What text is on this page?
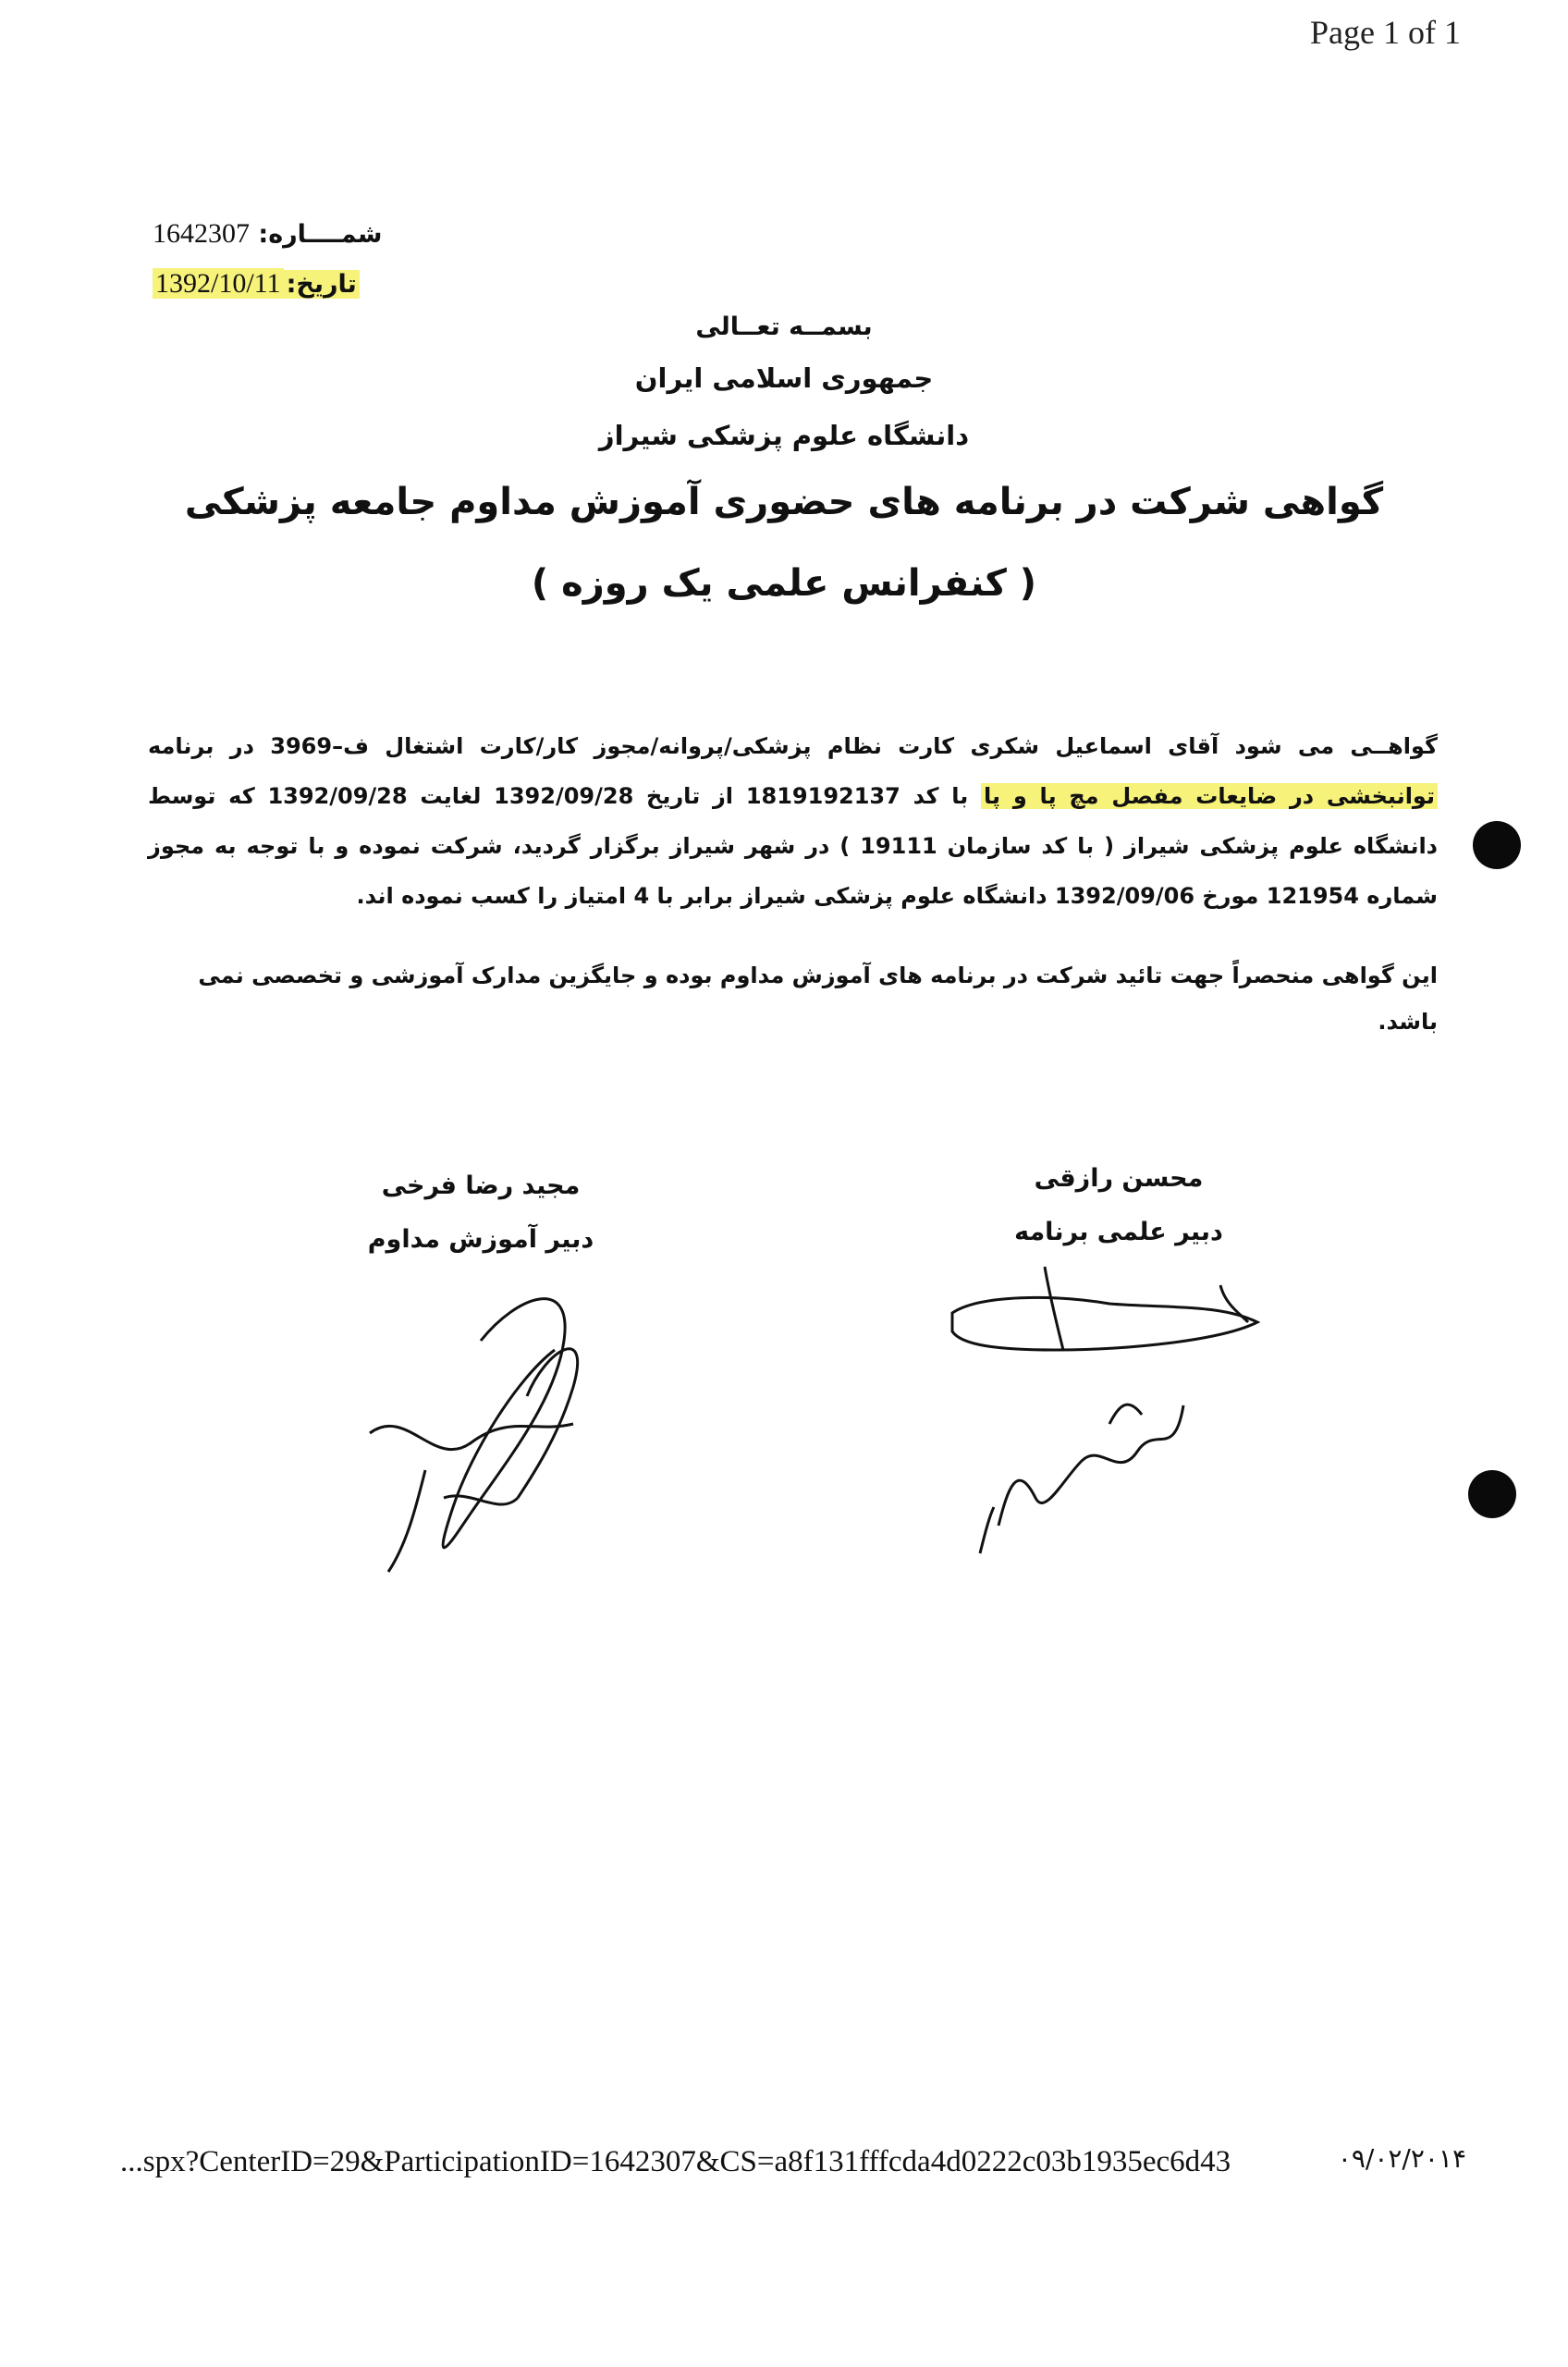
Page 1 of 1
شمــــاره: 1642307
تاریخ:1392/10/11
بسمــه تعــالی
جمهوری اسلامی ایران
دانشگاه علوم پزشکی شیراز
گواهی شرکت در برنامه های حضوری آموزش مداوم جامعه پزشکی
( کنفرانس علمی یک روزه )
گواهــی می شود آقای اسماعیل شکری کارت نظام پزشکی/پروانه/مجوز کار/کارت اشتغال ف–3969 در برنامه توانبخشی در ضایعات مفصل مچ پا و پا با کد 1819192137 از تاریخ 1392/09/28 لغایت 1392/09/28 که توسط دانشگاه علوم پزشکی شیراز ( با کد سازمان 19111 ) در شهر شیراز برگزار گردید، شرکت نموده و با توجه به مجوز شماره 121954 مورخ 1392/09/06 دانشگاه علوم پزشکی شیراز برابر با 4 امتیاز را کسب نموده اند.
این گواهی منحصراً جهت تائید شرکت در برنامه های آموزش مداوم بوده و جایگزین مدارک آموزشی و تخصصی نمی باشد.
مجید رضا فرخی
دبیر آموزش مداوم
محسن رازقی
دبیر علمی برنامه
...spx?CenterID=29&ParticipationID=1642307&CS=a8f131fffcda4d0222c03b1935ec6d43	۰۹/۰۲/۲۰۱۴
